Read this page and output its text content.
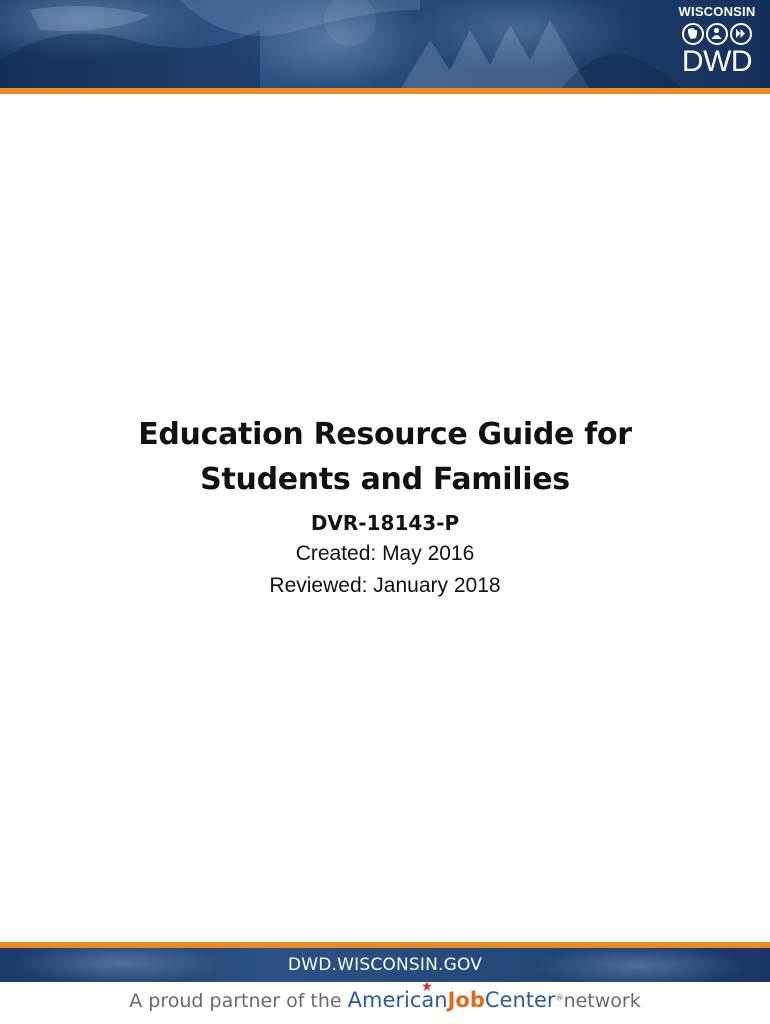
WISCONSIN
DWD
Education Resource Guide for
Students and Families

DVR-18143-P

Created: May 2016

Reviewed: January 2018

DWD.WISCONSIN.GOV
A proud partner of the American
JobCenter®network
